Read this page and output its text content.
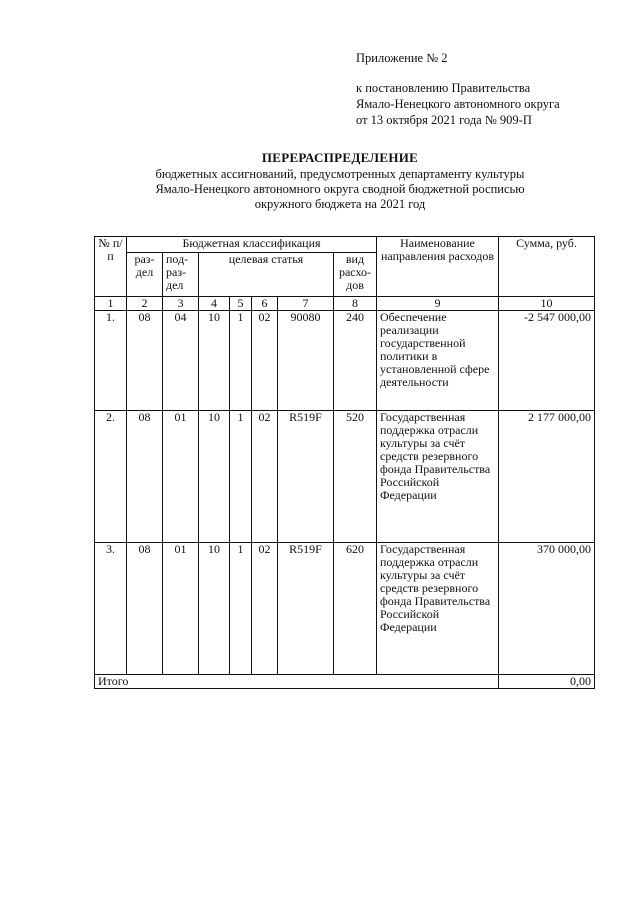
Приложение № 2
к постановлению Правительства
Ямало-Ненецкого автономного округа
от 13 октября 2021 года № 909-П
ПЕРЕРАСПРЕДЕЛЕНИЕ
бюджетных ассигнований, предусмотренных департаменту культуры
Ямало-Ненецкого автономного округа сводной бюджетной росписью
окружного бюджета на 2021 год
№ п/п	Бюджетная классификация							Наименование направления расходов	Сумма, руб.
	раз-дел	под-раз-дел	целевая статья				вид расхо-дов		
1	2	3	4	5	6	7	8	9	10
1.	08	04	10	1	02	90080	240	Обеспечение реализации государственной политики в установленной сфере деятельности	-2 547 000,00
2.	08	01	10	1	02	R519F	520	Государственная поддержка отрасли культуры за счёт средств резервного фонда Правительства Российской Федерации	2 177 000,00
3.	08	01	10	1	02	R519F	620	Государственная поддержка отрасли культуры за счёт средств резервного фонда Правительства Российской Федерации	370 000,00
Итого									0,00
